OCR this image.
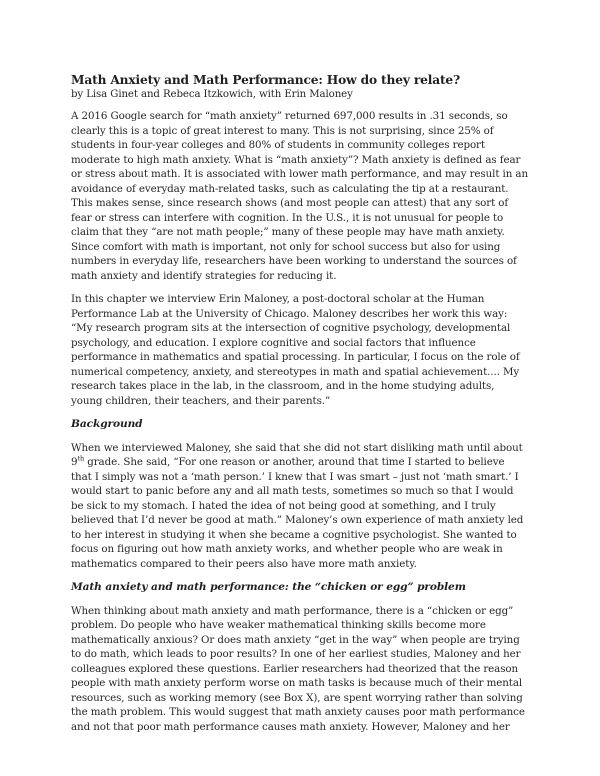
Math Anxiety and Math Performance: How do they relate?
by Lisa Ginet and Rebeca Itzkowich, with Erin Maloney

A 2016 Google search for “math anxiety” returned 697,000 results in .31 seconds, so clearly this is a topic of great interest to many. This is not surprising, since 25% of students in four-year colleges and 80% of students in community colleges report moderate to high math anxiety. What is “math anxiety”? Math anxiety is defined as fear or stress about math. It is associated with lower math performance, and may result in an avoidance of everyday math-related tasks, such as calculating the tip at a restaurant. This makes sense, since research shows (and most people can attest) that any sort of fear or stress can interfere with cognition. In the U.S., it is not unusual for people to claim that they “are not math people;” many of these people may have math anxiety. Since comfort with math is important, not only for school success but also for using numbers in everyday life, researchers have been working to understand the sources of math anxiety and identify strategies for reducing it.

In this chapter we interview Erin Maloney, a post-doctoral scholar at the Human Performance Lab at the University of Chicago. Maloney describes her work this way: “My research program sits at the intersection of cognitive psychology, developmental psychology, and education. I explore cognitive and social factors that influence performance in mathematics and spatial processing. In particular, I focus on the role of numerical competency, anxiety, and stereotypes in math and spatial achievement.... My research takes place in the lab, in the classroom, and in the home studying adults, young children, their teachers, and their parents.”

Background

When we interviewed Maloney, she said that she did not start disliking math until about 9th grade. She said, “For one reason or another, around that time I started to believe that I simply was not a ‘math person.’ I knew that I was smart – just not ‘math smart.’ I would start to panic before any and all math tests, sometimes so much so that I would be sick to my stomach. I hated the idea of not being good at something, and I truly believed that I’d never be good at math.” Maloney’s own experience of math anxiety led to her interest in studying it when she became a cognitive psychologist. She wanted to focus on figuring out how math anxiety works, and whether people who are weak in mathematics compared to their peers also have more math anxiety.

Math anxiety and math performance: the “chicken or egg” problem

When thinking about math anxiety and math performance, there is a “chicken or egg” problem. Do people who have weaker mathematical thinking skills become more mathematically anxious? Or does math anxiety “get in the way” when people are trying to do math, which leads to poor results? In one of her earliest studies, Maloney and her colleagues explored these questions. Earlier researchers had theorized that the reason people with math anxiety perform worse on math tasks is because much of their mental resources, such as working memory (see Box X), are spent worrying rather than solving the math problem. This would suggest that math anxiety causes poor math performance and not that poor math performance causes math anxiety. However, Maloney and her
